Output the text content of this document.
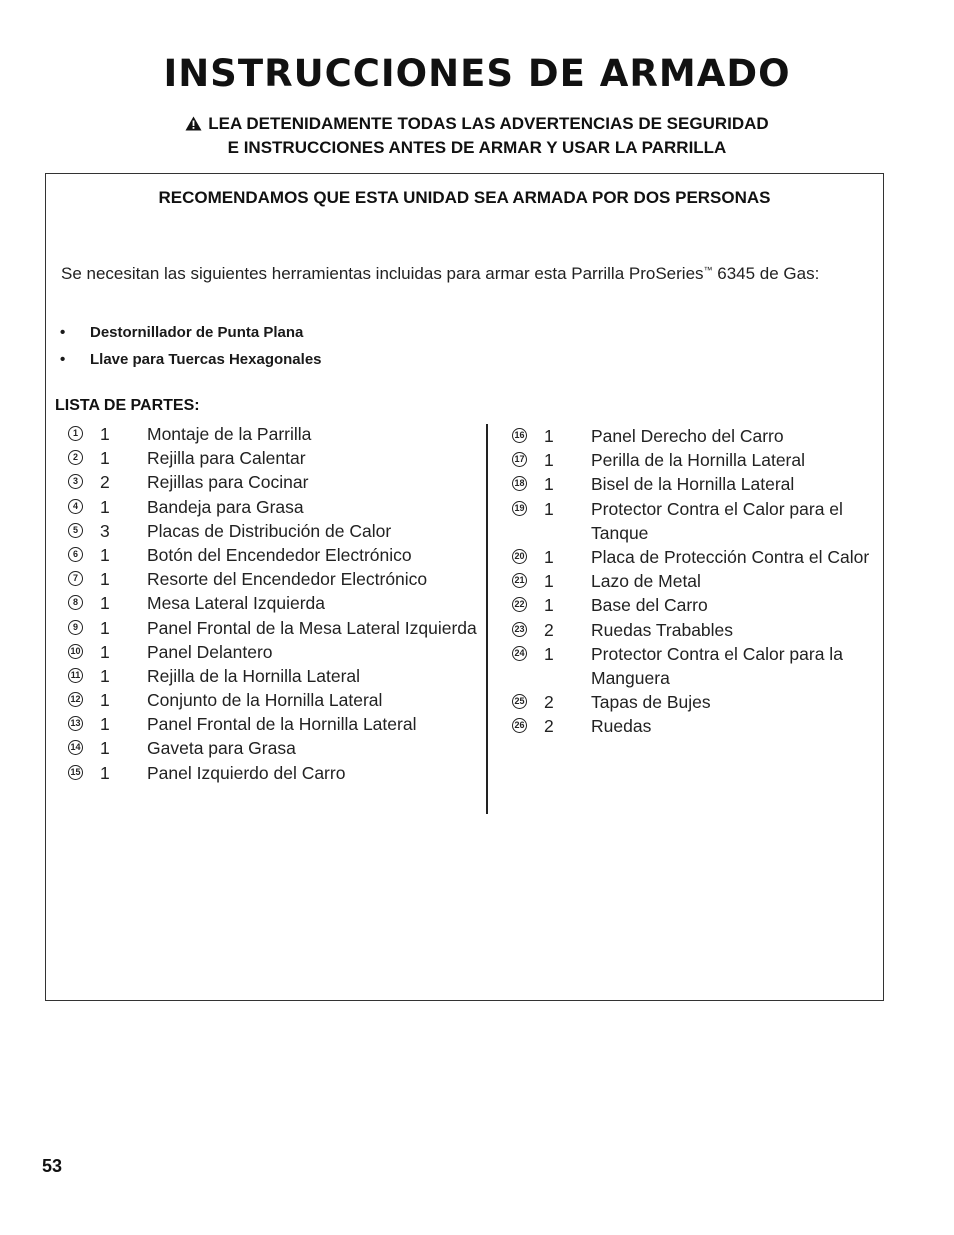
INSTRUCCIONES DE ARMADO
LEA DETENIDAMENTE TODAS LAS ADVERTENCIAS DE SEGURIDAD
E INSTRUCCIONES ANTES DE ARMAR Y USAR LA PARRILLA
RECOMENDAMOS QUE ESTA UNIDAD SEA ARMADA POR DOS PERSONAS
Se necesitan las siguientes herramientas incluidas para armar esta Parrilla ProSeries™ 6345 de Gas:
• Destornillador de Punta Plana
• Llave para Tuercas Hexagonales
LISTA DE PARTES:
1 1 Montaje de la Parrilla
2 1 Rejilla para Calentar
3 2 Rejillas para Cocinar
4 1 Bandeja para Grasa
5 3 Placas de Distribución de Calor
6 1 Botón del Encendedor Electrónico
7 1 Resorte del Encendedor Electrónico
8 1 Mesa Lateral Izquierda
9 1 Panel Frontal de la Mesa Lateral Izquierda
10 1 Panel Delantero
11 1 Rejilla de la Hornilla Lateral
12 1 Conjunto de la Hornilla Lateral
13 1 Panel Frontal de la Hornilla Lateral
14 1 Gaveta para Grasa
15 1 Panel Izquierdo del Carro
16 1 Panel Derecho del Carro
17 1 Perilla de la Hornilla Lateral
18 1 Bisel de la Hornilla Lateral
19 1 Protector Contra el Calor para el Tanque
20 1 Placa de Protección Contra el Calor
21 1 Lazo de Metal
22 1 Base del Carro
23 2 Ruedas Trabables
24 1 Protector Contra el Calor para la Manguera
25 2 Tapas de Bujes
26 2 Ruedas
53
